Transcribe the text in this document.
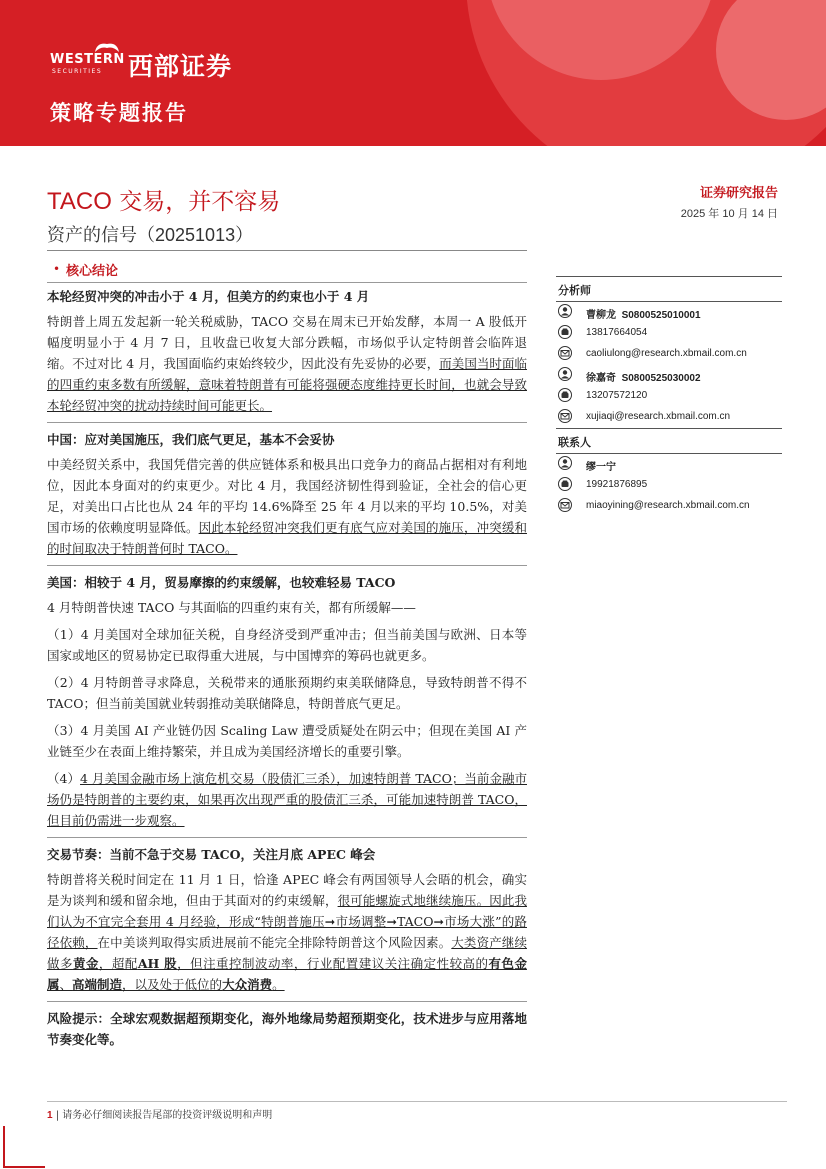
WESTERN
SECURITIES 西部证券
策略专题报告
TACO 交易，并不容易
资产的信号（20251013）
证券研究报告
2025 年 10 月 14 日
• 核心结论

本轮经贸冲突的冲击小于 4 月，但美方的约束也小于 4 月

特朗普上周五发起新一轮关税威胁，TACO 交易在周末已开始发酵，本周一 A 股低开幅度明显小于 4 月 7 日，且收盘已收复大部分跌幅，市场似乎认定特朗普会临阵退缩。不过对比 4 月，我国面临约束始终较少，因此没有先妥协的必要，而美国当时面临的四重约束多数有所缓解，意味着特朗普有可能将强硬态度维持更长时间，也就会导致本轮经贸冲突的扰动持续时间可能更长。

中国：应对美国施压，我们底气更足，基本不会妥协

中美经贸关系中，我国凭借完善的供应链体系和极具出口竞争力的商品占据相对有利地位，因此本身面对的约束更少。对比 4 月，我国经济韧性得到验证，全社会的信心更足，对美出口占比也从 24 年的平均 14.6%降至 25 年 4 月以来的平均 10.5%，对美国市场的依赖度明显降低。因此本轮经贸冲突我们更有底气应对美国的施压，冲突缓和的时间取决于特朗普何时 TACO。

美国：相较于 4 月，贸易摩擦的约束缓解，也较难轻易 TACO

4 月特朗普快速 TACO 与其面临的四重约束有关，都有所缓解——

（1）4 月美国对全球加征关税，自身经济受到严重冲击；但当前美国与欧洲、日本等国家或地区的贸易协定已取得重大进展，与中国博弈的筹码也就更多。

（2）4 月特朗普寻求降息，关税带来的通胀预期约束美联储降息，导致特朗普不得不 TACO；但当前美国就业转弱推动美联储降息，特朗普底气更足。

（3）4 月美国 AI 产业链仍因 Scaling Law 遭受质疑处在阴云中；但现在美国 AI 产业链至少在表面上维持繁荣，并且成为美国经济增长的重要引擎。

（4）4 月美国金融市场上演危机交易（股债汇三杀），加速特朗普 TACO；当前金融市场仍是特朗普的主要约束，如果再次出现严重的股债汇三杀，可能加速特朗普 TACO，但目前仍需进一步观察。

交易节奏：当前不急于交易 TACO，关注月底 APEC 峰会

特朗普将关税时间定在 11 月 1 日，恰逢 APEC 峰会有两国领导人会晤的机会，确实是为谈判和缓和留余地，但由于其面对的约束缓解，很可能螺旋式地继续施压。因此我们认为不宜完全套用 4 月经验，形成“特朗普施压➞市场调整➞TACO➞市场大涨”的路径依赖，在中美谈判取得实质进展前不能完全排除特朗普这个风险因素。大类资产继续做多黄金，超配AH 股，但注重控制波动率，行业配置建议关注确定性较高的有色金属、高端制造，以及处于低位的大众消费。

风险提示：全球宏观数据超预期变化，海外地缘局势超预期变化，技术进步与应用落地节奏变化等。

分析师
曹柳龙 S0800525010001
13817664054
caoliulong@research.xbmail.com.cn
徐嘉奇 S0800525030002
13207572120
xujiaqi@research.xbmail.com.cn
联系人
缪一宁
19921876895
miaoyining@research.xbmail.com.cn
1 | 请务必仔细阅读报告尾部的投资评级说明和声明
